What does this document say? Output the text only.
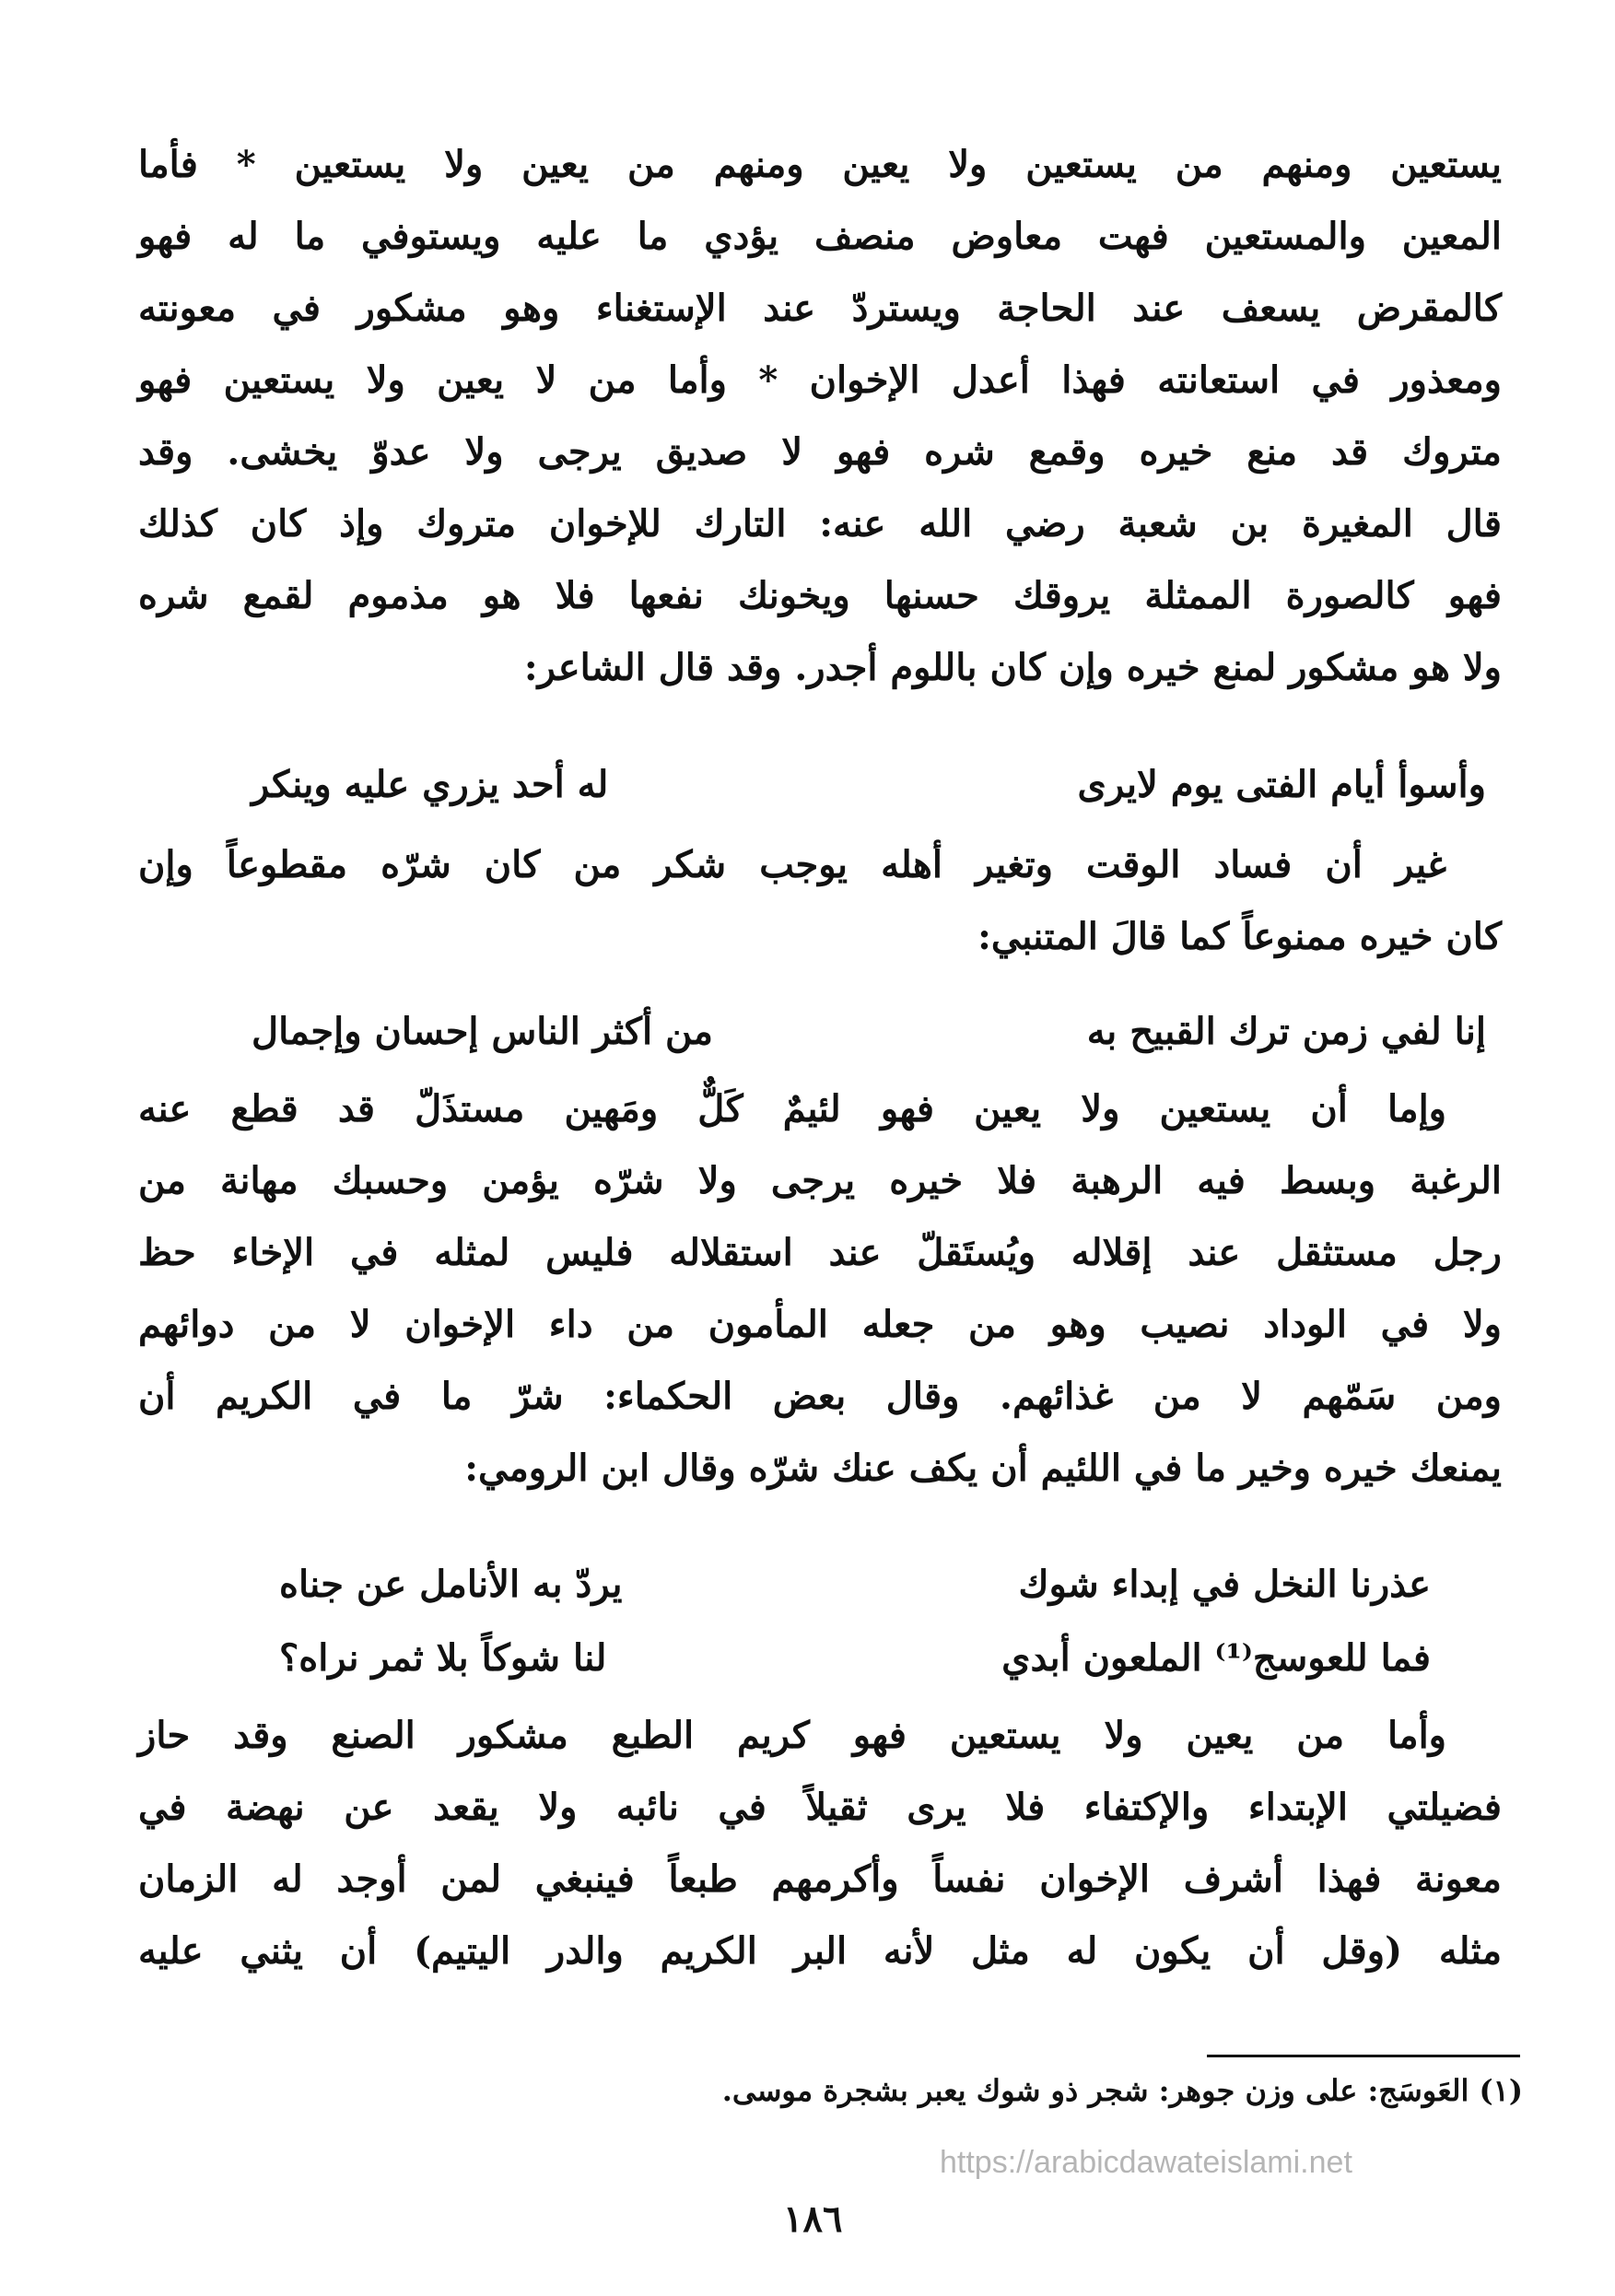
يستعين ومنهم من يستعين ولا يعين ومنهم من يعين ولا يستعين * فأما

المعين والمستعين فهت معاوض منصف يؤدي ما عليه ويستوفي ما له فهو

كالمقرض يسعف عند الحاجة ويستردّ عند الإستغناء وهو مشكور في معونته

ومعذور في استعانته فهذا أعدل الإخوان * وأما من لا يعين ولا يستعين فهو

متروك قد منع خيره وقمع شره فهو لا صديق يرجى ولا عدوّ يخشى. وقد

قال المغيرة بن شعبة رضي الله عنه: التارك للإخوان متروك وإذ كان كذلك

فهو كالصورة الممثلة يروقك حسنها ويخونك نفعها فلا هو مذموم لقمع شره

ولا هو مشكور لمنع خيره وإن كان باللوم أجدر. وقد قال الشاعر:

وأسوأ أيام الفتى يوم لايرى
له أحد يزري عليه وينكر

غير أن فساد الوقت وتغير أهله يوجب شكر من كان شرّه مقطوعاً وإن

كان خيره ممنوعاً كما قالَ المتنبي:

إنا لفي زمن ترك القبيح به
من أكثر الناس إحسان وإجمال

وإما أن يستعين ولا يعين فهو لئيمٌ كَلٌّ ومَهين مستذَلّ قد قطع عنه

الرغبة وبسط فيه الرهبة فلا خيره يرجى ولا شرّه يؤمن وحسبك مهانة من

رجل مستثقل عند إقلاله ويُستَقلّ عند استقلاله فليس لمثله في الإخاء حظ

ولا في الوداد نصيب وهو من جعله المأمون من داء الإخوان لا من دوائهم

ومن سَمّهم لا من غذائهم. وقال بعض الحكماء: شرّ ما في الكريم أن

يمنعك خيره وخير ما في اللئيم أن يكف عنك شرّه وقال ابن الرومي:

عذرنا النخل في إبداء شوك
يردّ به الأنامل عن جناه
فما للعوسج⁽¹⁾ الملعون أبدي
لنا شوكاً بلا ثمر نراه؟

وأما من يعين ولا يستعين فهو كريم الطبع مشكور الصنع وقد حاز

فضيلتي الإبتداء والإكتفاء فلا يرى ثقيلاً في نائبه ولا يقعد عن نهضة في

معونة فهذا أشرف الإخوان نفساً وأكرمهم طبعاً فينبغي لمن أوجد له الزمان

مثله (وقل أن يكون له مثل لأنه البر الكريم والدر اليتيم) أن يثني عليه

(١) العَوسَج: على وزن جوهر: شجر ذو شوك يعبر بشجرة موسى.
https://arabicdawateislami.net
١٨٦
